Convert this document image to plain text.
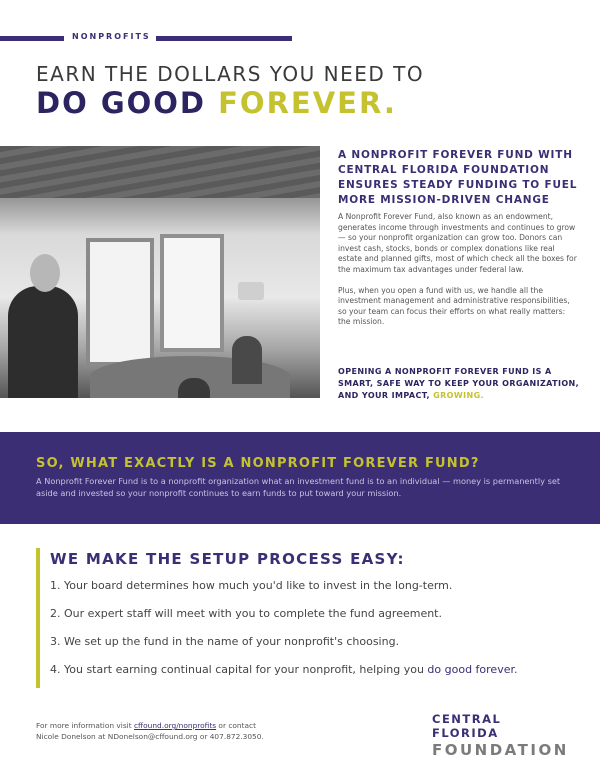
NONPROFITS
EARN THE DOLLARS YOU NEED TO
DO GOOD FOREVER.
A NONPROFIT FOREVER FUND WITH CENTRAL FLORIDA FOUNDATION ENSURES STEADY FUNDING TO FUEL MORE MISSION-DRIVEN CHANGE

A Nonprofit Forever Fund, also known as an endowment, generates income through investments and continues to grow — so your nonprofit organization can grow too. Donors can invest cash, stocks, bonds or complex donations like real estate and planned gifts, most of which check all the boxes for the maximum tax advantages under federal law.

Plus, when you open a fund with us, we handle all the investment management and administrative responsibilities, so your team can focus their efforts on what really matters: the mission.

OPENING A NONPROFIT FOREVER FUND IS A SMART, SAFE WAY TO KEEP YOUR ORGANIZATION, AND YOUR IMPACT, GROWING.
SO, WHAT EXACTLY IS A NONPROFIT FOREVER FUND?
A Nonprofit Forever Fund is to a nonprofit organization what an investment fund is to an individual — money is permanently set aside and invested so your nonprofit continues to earn funds to put toward your mission.
WE MAKE THE SETUP PROCESS EASY:
1. Your board determines how much you'd like to invest in the long-term.
2. Our expert staff will meet with you to complete the fund agreement.
3. We set up the fund in the name of your nonprofit's choosing.
4. You start earning continual capital for your nonprofit, helping you do good forever.
For more information visit cffound.org/nonprofits or contact
Nicole Donelson at NDonelson@cffound.org or 407.872.3050.
CENTRAL FLORIDA
FOUNDATION
